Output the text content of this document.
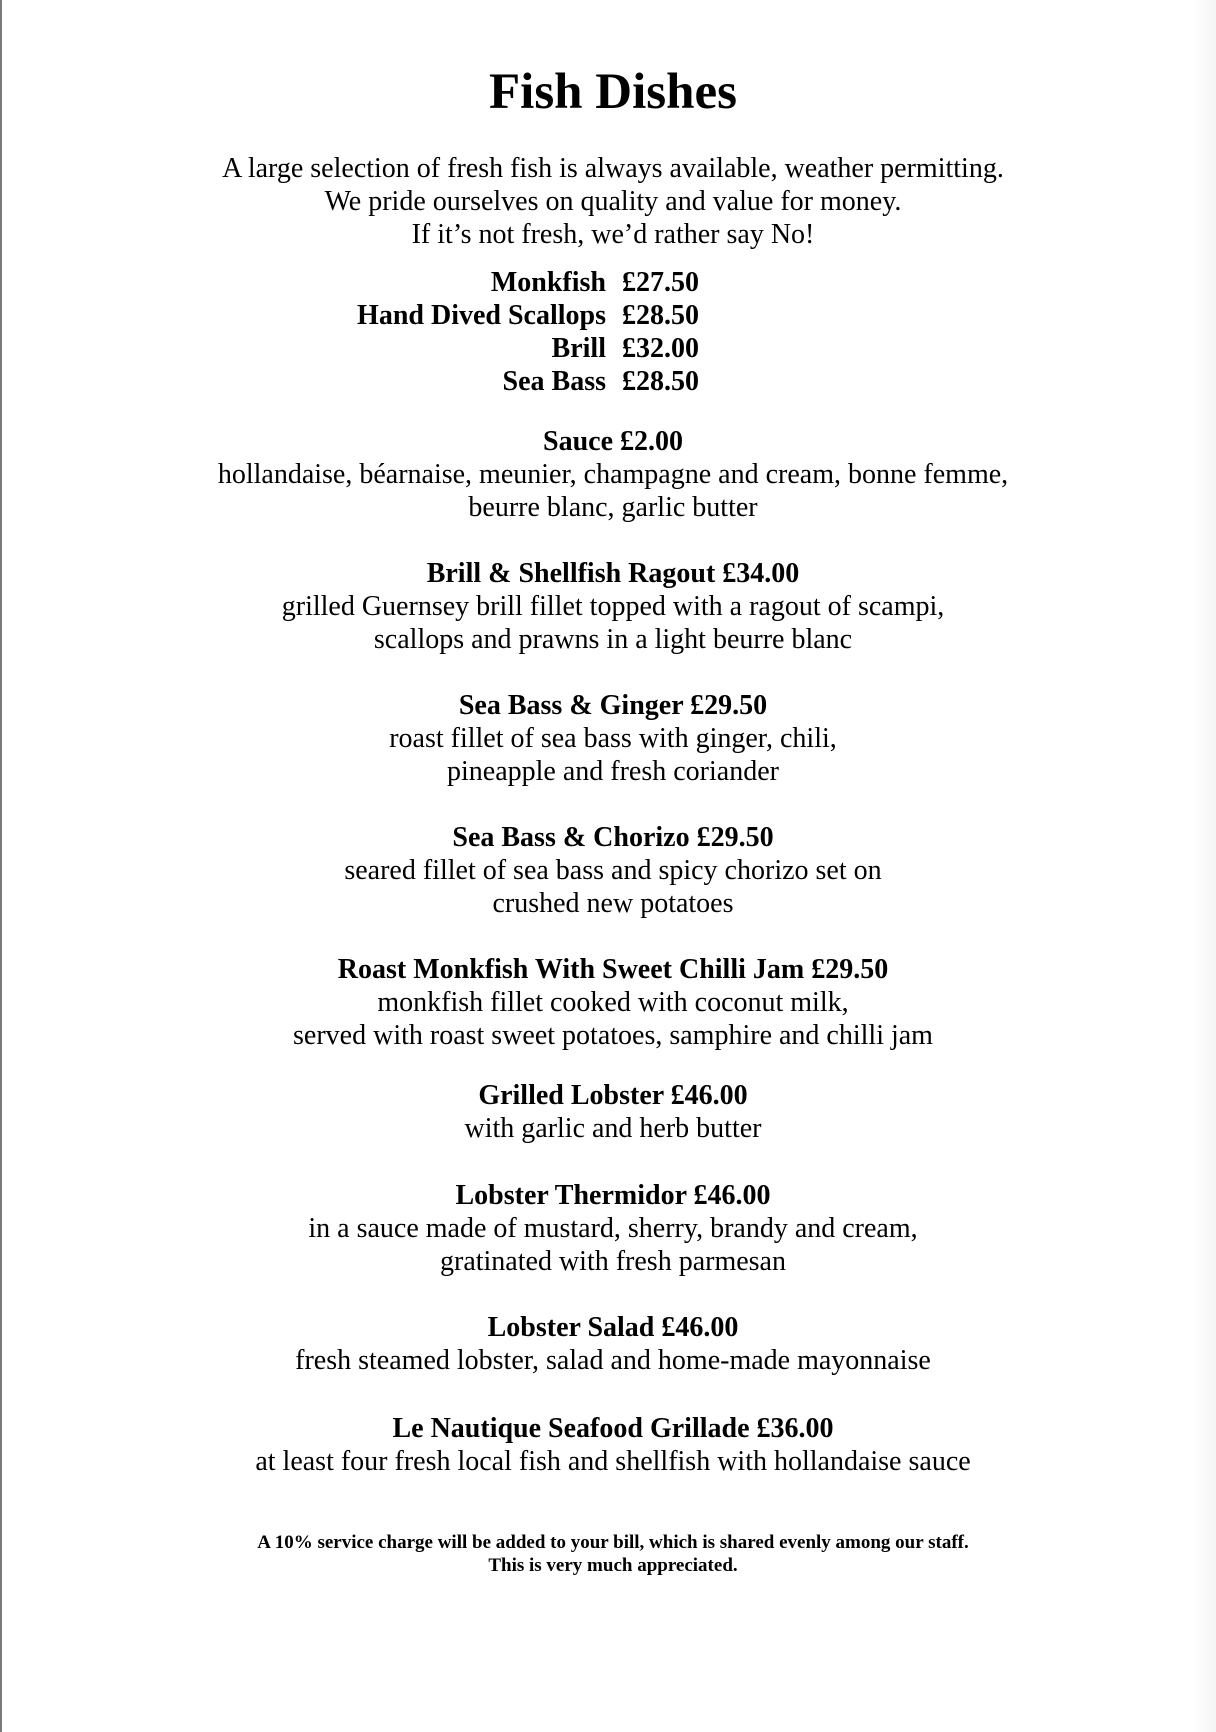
Fish Dishes
A large selection of fresh fish is always available, weather permitting.
We pride ourselves on quality and value for money.
If it’s not fresh, we’d rather say No!
Monkfish £27.50
Hand Dived Scallops £28.50
Brill £32.00
Sea Bass £28.50
Sauce £2.00
hollandaise, béarnaise, meunier, champagne and cream, bonne femme,
beurre blanc, garlic butter
Brill & Shellfish Ragout £34.00
grilled Guernsey brill fillet topped with a ragout of scampi,
scallops and prawns in a light beurre blanc
Sea Bass & Ginger £29.50
roast fillet of sea bass with ginger, chili,
pineapple and fresh coriander
Sea Bass & Chorizo £29.50
seared fillet of sea bass and spicy chorizo set on
crushed new potatoes
Roast Monkfish With Sweet Chilli Jam £29.50
monkfish fillet cooked with coconut milk,
served with roast sweet potatoes, samphire and chilli jam
Grilled Lobster £46.00
with garlic and herb butter
Lobster Thermidor £46.00
in a sauce made of mustard, sherry, brandy and cream,
gratinated with fresh parmesan
Lobster Salad £46.00
fresh steamed lobster, salad and home-made mayonnaise
Le Nautique Seafood Grillade £36.00
at least four fresh local fish and shellfish with hollandaise sauce
A 10% service charge will be added to your bill, which is shared evenly among our staff.
This is very much appreciated.
